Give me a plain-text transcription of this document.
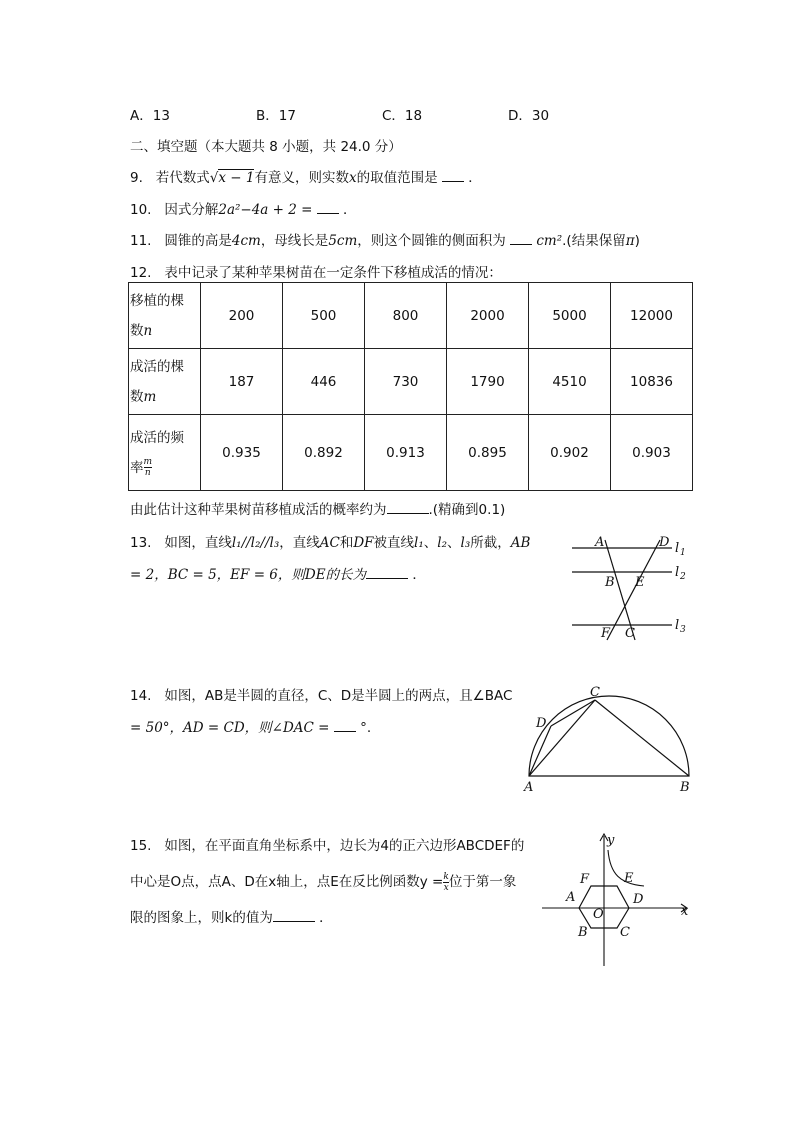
A．13	B．17	C．18	D．30
二、填空题（本大题共 8 小题，共 24.0 分）
9. 若代数式√x − 1有意义，则实数x的取值范围是 ．
10. 因式分解2a²−4a + 2 = ．
11. 圆锥的高是4cm，母线长是5cm，则这个圆锥的侧面积为 cm².(结果保留π)
12. 表中记录了某种苹果树苗在一定条件下移植成活的情况：
移植的棵
数n	200	500	800	2000	5000	12000
成活的棵
数m	187	446	730	1790	4510	10836
成活的频
率 $\frac{m}{n}$	0.935	0.892	0.913	0.895	0.902	0.903
由此估计这种苹果树苗移植成活的概率约为	.(精确到0.1)
13. 如图，直线l₁//l₂//l₃，直线AC和DF被直线l₁、l₂、l₃所截，AB
= 2，BC = 5，EF = 6，则DE的长为	．
A	D
B E
F C
l 1
l 2
l 3
14. 如图，AB是半圆的直径，C、D是半圆上的两点，且∠BAC
= 50°，AD = CD，则∠DAC = °.
A	B
C
D
15. 如图，在平面直角坐标系中，边长为4的正六边形ABCDEF的
中心是O点，点A、D在x轴上，点E在反比例函数$y = \frac{k}{x}$ 位于第一象
限的图象上，则k的值为	．
y
x
O
A
B C
D
E
F
